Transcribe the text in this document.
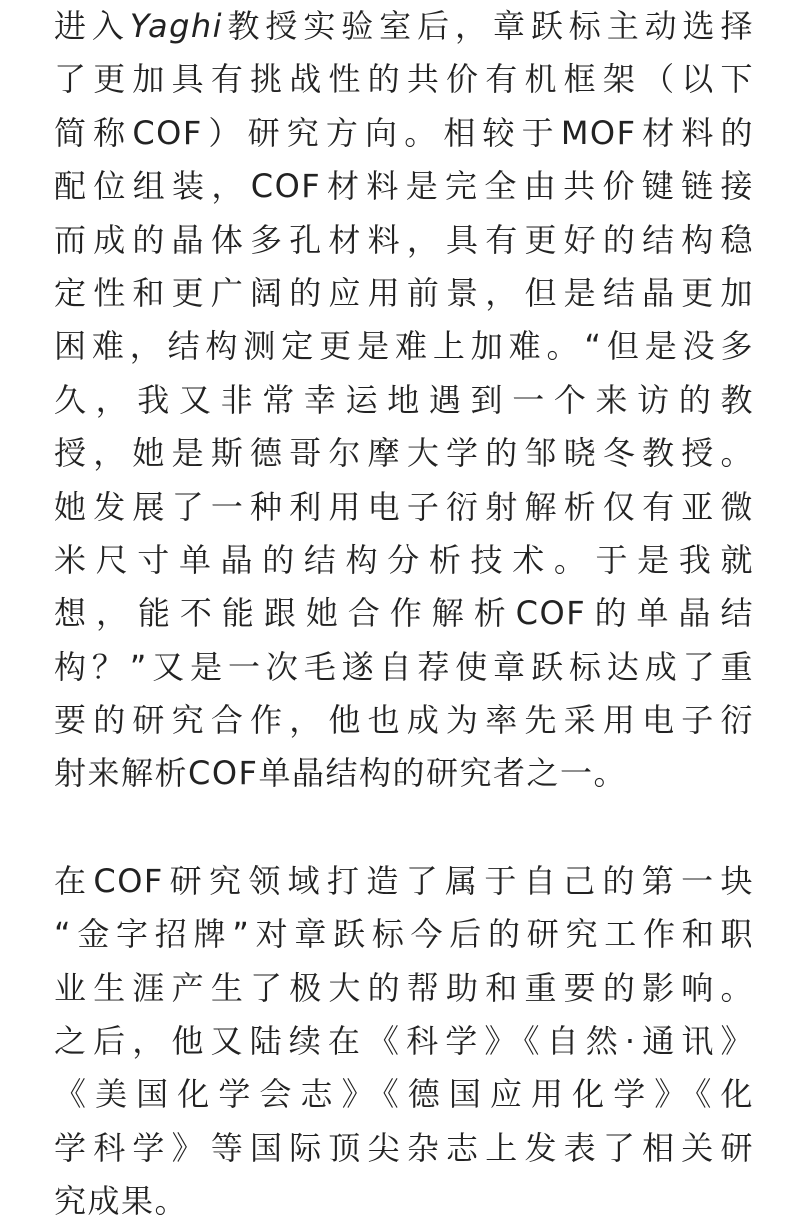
进入Yaghi教授实验室后，章跃标主动选择
了更加具有挑战性的共价有机框架（以下
简称COF）研究方向。相较于MOF材料的
配位组装，COF材料是完全由共价键链接
而成的晶体多孔材料，具有更好的结构稳
定性和更广阔的应用前景，但是结晶更加
困难，结构测定更是难上加难。“但是没多
久，我又非常幸运地遇到一个来访的教
授，她是斯德哥尔摩大学的邹晓冬教授。
她发展了一种利用电子衍射解析仅有亚微
米尺寸单晶的结构分析技术。于是我就
想，能不能跟她合作解析COF的单晶结
构？”又是一次毛遂自荐使章跃标达成了重
要的研究合作，他也成为率先采用电子衍
射来解析COF单晶结构的研究者之一。
在COF研究领域打造了属于自己的第一块
“金字招牌”对章跃标今后的研究工作和职
业生涯产生了极大的帮助和重要的影响。
之后，他又陆续在《科学》《自然·通讯》
《美国化学会志》《德国应用化学》《化
学科学》等国际顶尖杂志上发表了相关研
究成果。
